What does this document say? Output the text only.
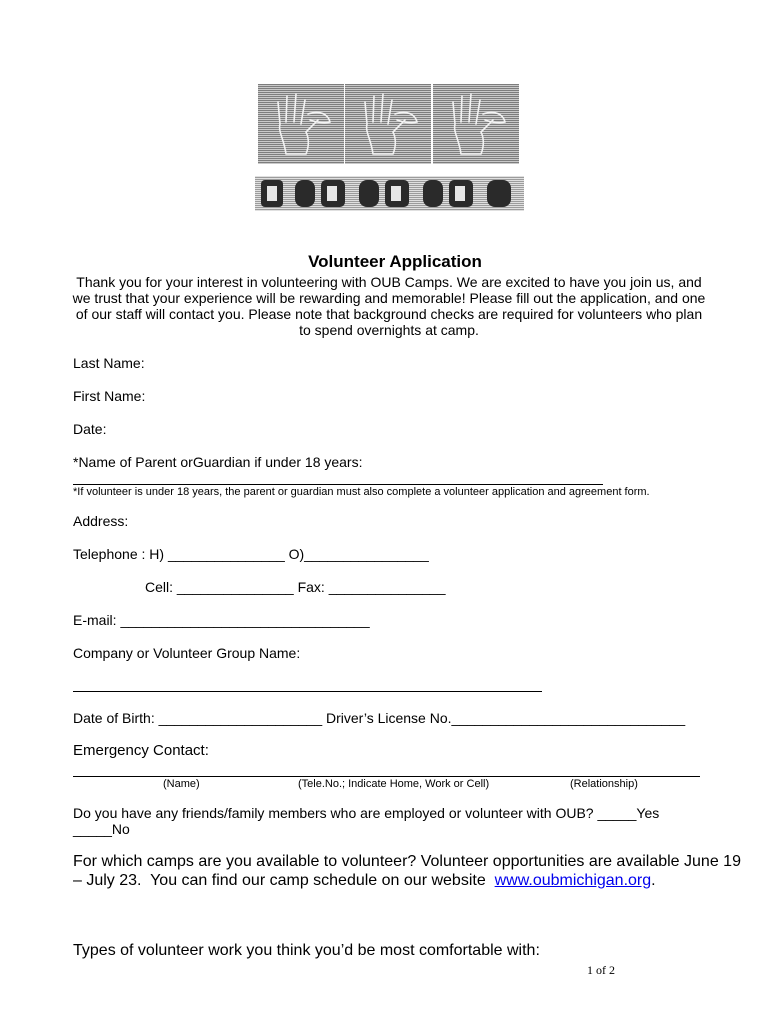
Volunteer Application
Thank you for your interest in volunteering with OUB Camps. We are excited to have you join us, and
we trust that your experience will be rewarding and memorable! Please fill out the application, and one
of our staff will contact you. Please note that background checks are required for volunteers who plan
to spend overnights at camp.
Last Name:
First Name:
Date:
*Name of Parent orGuardian if under 18 years:
*If volunteer is under 18 years, the parent or guardian must also complete a volunteer application and agreement form.
Address:
Telephone : H) _______________ O)________________
Cell: _______________ Fax: _______________
E-mail: ________________________________
Company or Volunteer Group Name:
Date of Birth: _____________________ Driver’s License No.______________________________
Emergency Contact:
(Name)	(Tele.No.; Indicate Home, Work or Cell)	(Relationship)
Do you have any friends/family members who are employed or volunteer with OUB? _____Yes
_____No
For which camps are you available to volunteer? Volunteer opportunities are available June 19
– July 23.  You can find our camp schedule on our website  www.oubmichigan.org.
Types of volunteer work you think you’d be most comfortable with:
1 of 2
